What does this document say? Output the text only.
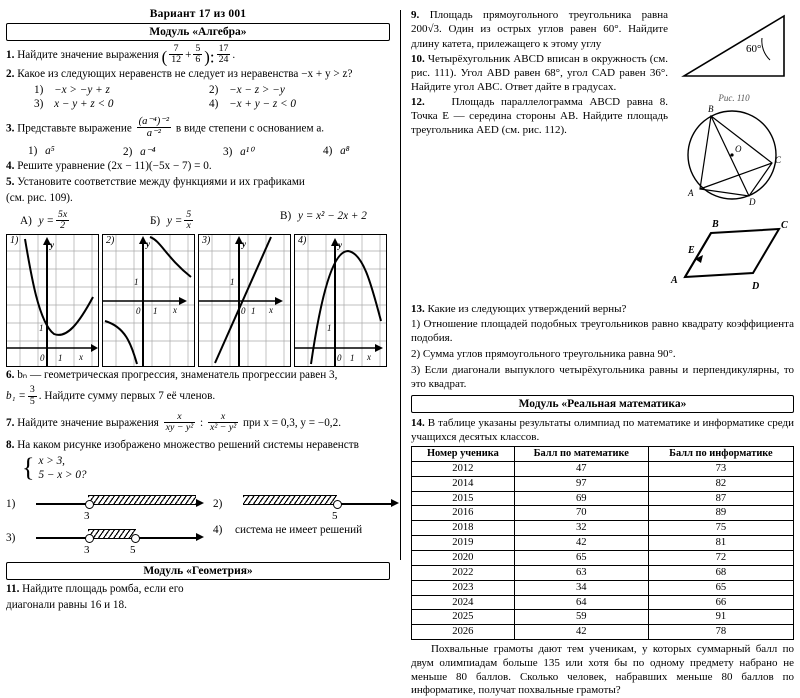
Вариант 17 из 001
Модуль «Алгебра»
1. Найдите значение выражения ( $\frac{7}{12} + \frac{5}{6}$ ): $\frac{17}{24}$ .
2. Какое из следующих неравенств не следует из неравенства −x + y > z?
1) −x > −y + z	2) −x − z > −y
3) x − y + z < 0	4) −x + y − z < 0
3. Представьте выражение $\frac{\text{(a⁻⁴)⁻²}}{\text{a⁻²}}$ в виде степени с основанием a.
1) a⁵	2) a⁻⁴	3) a¹⁰	4) a⁸
4. Решите уравнение (2x − 11)(−5x − 7) = 0.
5. Установите соответствие между функциями и их графиками
(см. рис. 109).
А) $y = \frac{5x}{2}$	Б) $y = \frac{5}{x}$	В) y = x² − 2x + 2
1)
1
0 1 x
y	2)
1
0 1 x
y	3)
1
0 1 x
y	4)
1
0 1 x
y
6. bₙ — геометрическая прогрессия, знаменатель прогрессии равен 3,
$b_1 = \frac{3}{5}$ . Найдите сумму первых 7 её членов.
7. Найдите значение выражения $\frac{x}{\text{xy − y²}}$ : $\frac{x}{\text{x² − y²}}$ при x = 0,3, y = −0,2.
8. На каком рисунке изображено множество решений системы неравенств
{ x > 3,
5 − x > 0?
1)
3
3)
3	5
2)
5
4)	система не имеет решений
Модуль «Геометрия»
11. Найдите площадь ромба, если его
диагонали равны 16 и 18.
60°
Рис. 110
9. Площадь прямоугольного треугольника равна 200√3. Один из острых углов равен 60°. Найдите длину катета, прилежащего к этому углу
B
C
D
A
O
10. Четырёхугольник ABCD вписан в окружность (см. рис. 111). Угол ABD равен 68°, угол CAD равен 36°. Найдите угол ABC. Ответ дайте в градусах.
B	C
D
A
E
12. Площадь параллелограмма ABCD равна 8. Точка E — середина стороны AB. Найдите площадь треугольника AED (см. рис. 112).
13. Какие из следующих утверждений верны?
1) Отношение площадей подобных треугольников равно квадрату коэффициента подобия.
2) Сумма углов прямоугольного треугольника равна 90°.
3) Если диагонали выпуклого четырёхугольника равны и перпендикулярны, то это квадрат.
Модуль «Реальная математика»
14. В таблице указаны результаты олимпиад по математике и информатике среди учащихся десятых классов.
Номер ученика	Балл по математике	Балл по информатике
2012	47	73
2014	97	82
2015	69	87
2016	70	89
2018	32	75
2019	42	81
2020	65	72
2022	63	68
2023	34	65
2024	64	66
2025	59	91
2026	42	78
Похвальные грамоты дают тем ученикам, у которых суммарный балл по двум олимпиадам больше 135 или хотя бы по одному предмету набрано не меньше 80 баллов. Сколько человек, набравших меньше 80 баллов по информатике, получат похвальные грамоты?
